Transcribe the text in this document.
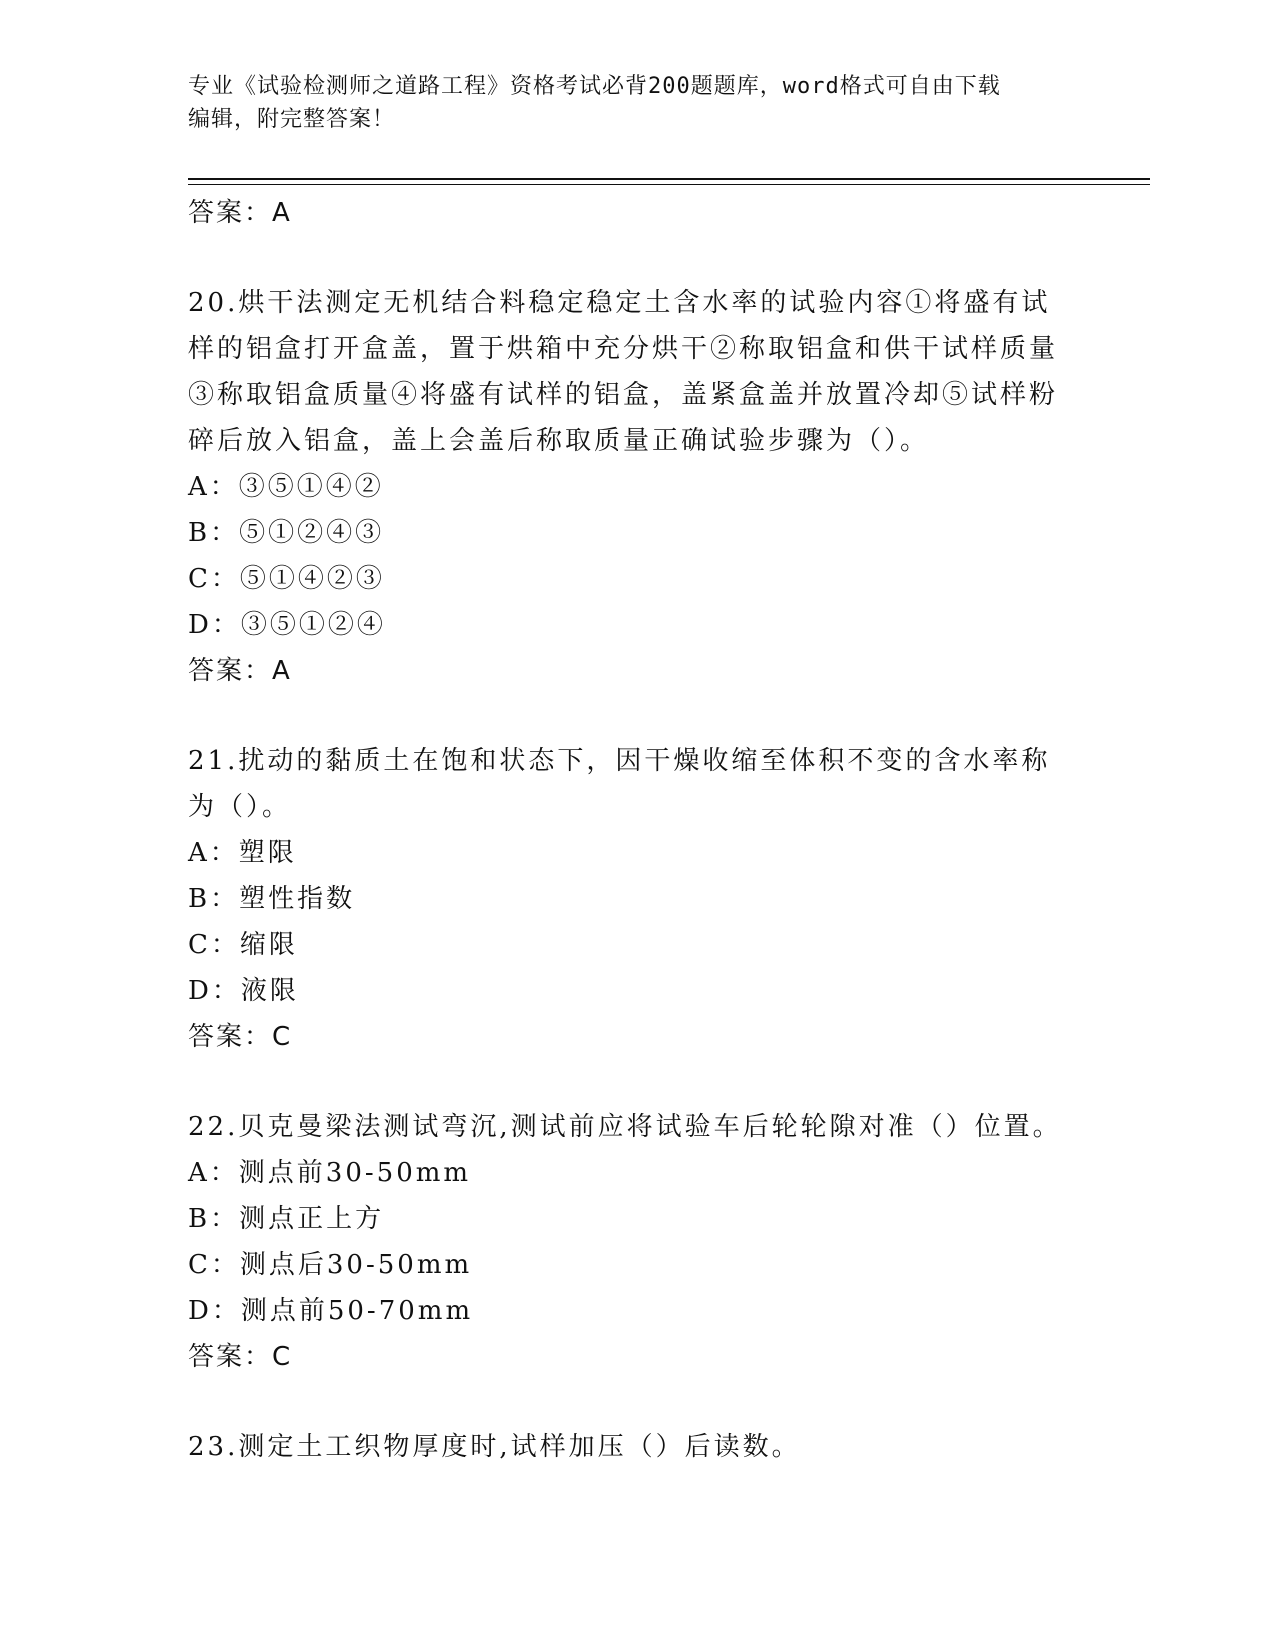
专业《试验检测师之道路工程》资格考试必背200题题库，word格式可自由下载
编辑，附完整答案！
答案：A
20.烘干法测定无机结合料稳定稳定土含水率的试验内容①将盛有试样的铝盒打开盒盖，置于烘箱中充分烘干②称取铝盒和供干试样质量③称取铝盒质量④将盛有试样的铝盒，盖紧盒盖并放置冷却⑤试样粉碎后放入铝盒，盖上会盖后称取质量正确试验步骤为（）。
A：③⑤①④②
B：⑤①②④③
C：⑤①④②③
D：③⑤①②④
答案：A
21.扰动的黏质土在饱和状态下，因干燥收缩至体积不变的含水率称为（）。
A：塑限
B：塑性指数
C：缩限
D：液限
答案：C
22.贝克曼梁法测试弯沉,测试前应将试验车后轮轮隙对准（）位置。
A：测点前30-50mm
B：测点正上方
C：测点后30-50mm
D：测点前50-70mm
答案：C
23.测定土工织物厚度时,试样加压（）后读数。
